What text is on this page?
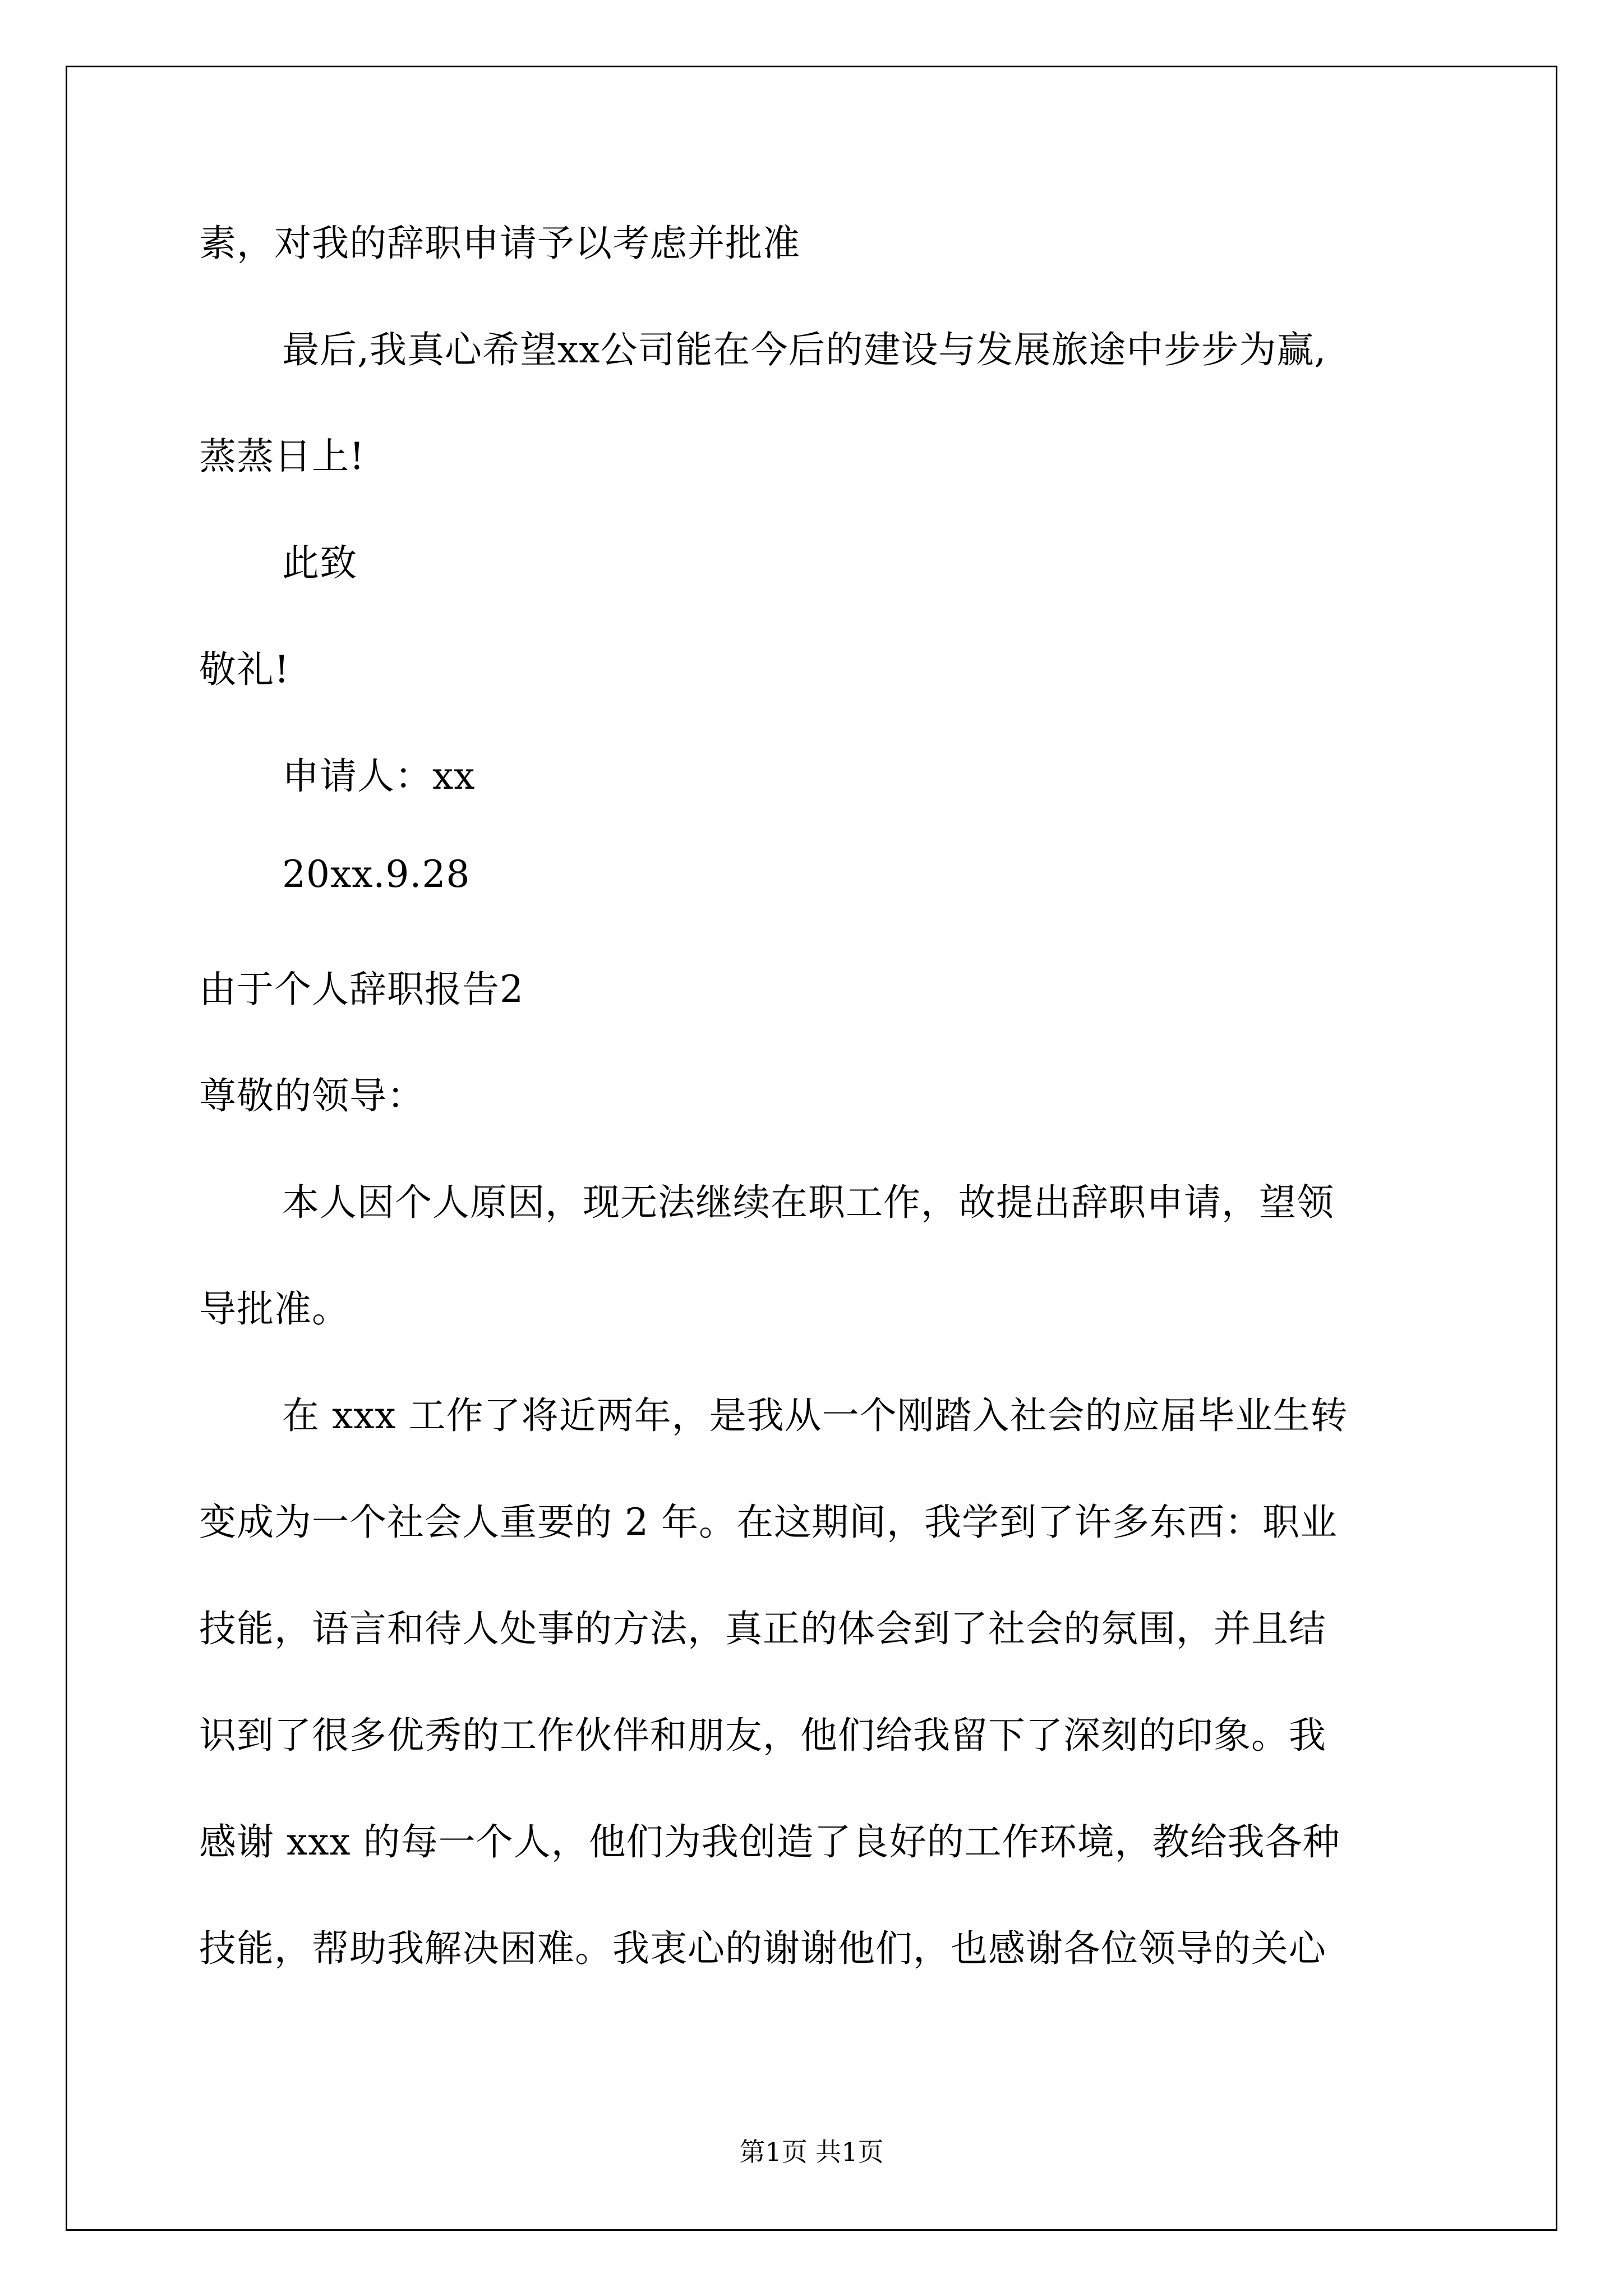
素，对我的辞职申请予以考虑并批准
最后,我真心希望xx公司能在今后的建设与发展旅途中步步为赢,
蒸蒸日上!
此致
敬礼!
申请人：xx
20xx.9.28
由于个人辞职报告2
尊敬的领导：
本人因个人原因，现无法继续在职工作，故提出辞职申请，望领
导批准。
在 xxx 工作了将近两年，是我从一个刚踏入社会的应届毕业生转
变成为一个社会人重要的 2 年。在这期间，我学到了许多东西：职业
技能，语言和待人处事的方法，真正的体会到了社会的氛围，并且结
识到了很多优秀的工作伙伴和朋友，他们给我留下了深刻的印象。我
感谢 xxx 的每一个人，他们为我创造了良好的工作环境，教给我各种
技能，帮助我解决困难。我衷心的谢谢他们，也感谢各位领导的关心
第1页 共1页
